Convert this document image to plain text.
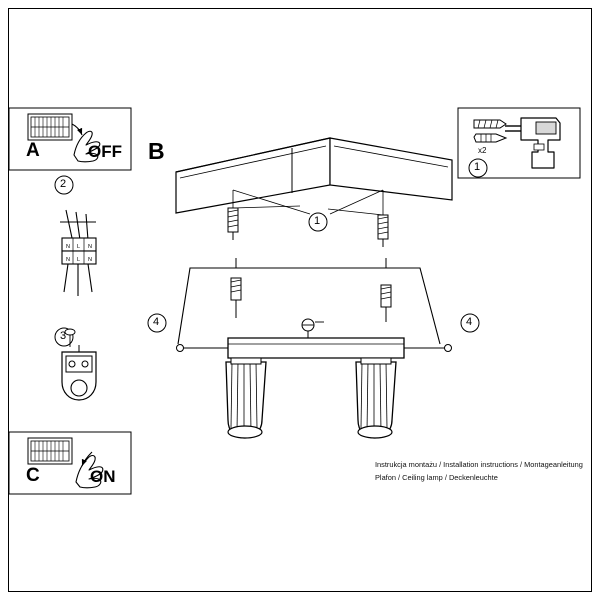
N L N
N L N
x2
1
4	4
1
2
3
A	OFF
C	ON
B
Instrukcja montażu / Installation instructions / Montageanleitung
Plafon / Ceiling lamp / Deckenleuchte
